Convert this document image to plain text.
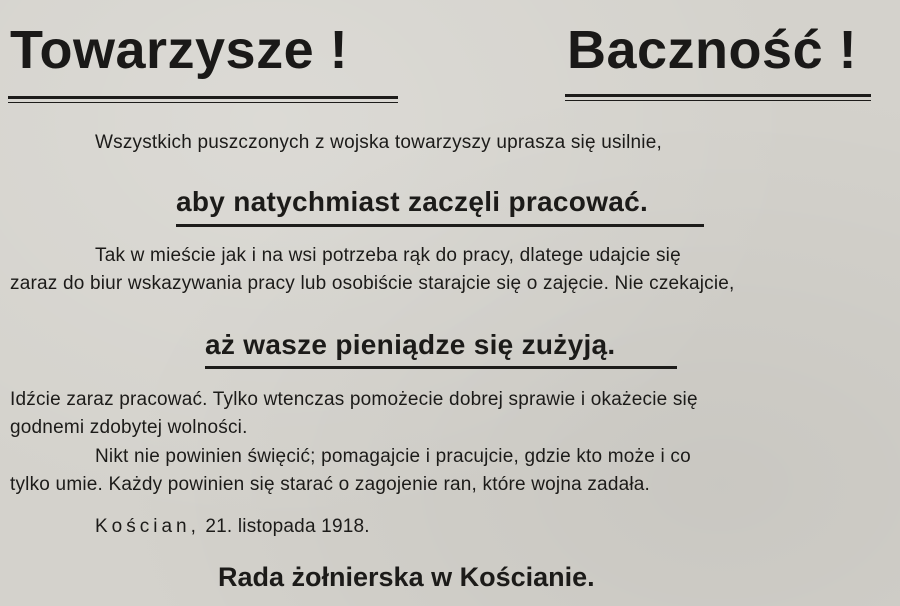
Towarzysze !	Baczność !
Wszystkich puszczonych z wojska towarzyszy uprasza się usilnie,
aby natychmiast zaczęli pracować.
Tak w mieście jak i na wsi potrzeba rąk do pracy, dlatege udajcie się
zaraz do biur wskazywania pracy lub osobiście starajcie się o zajęcie. Nie czekajcie,
aż wasze pieniądze się zużyją.
Idźcie zaraz pracować. Tylko wtenczas pomożecie dobrej sprawie i okażecie się
godnemi zdobytej wolności.
Nikt nie powinien święcić; pomagajcie i pracujcie, gdzie kto może i co
tylko umie. Każdy powinien się starać o zagojenie ran, które wojna zadała.
Kościan, 21. listopada 1918.
Rada żołnierska w Kościanie.
